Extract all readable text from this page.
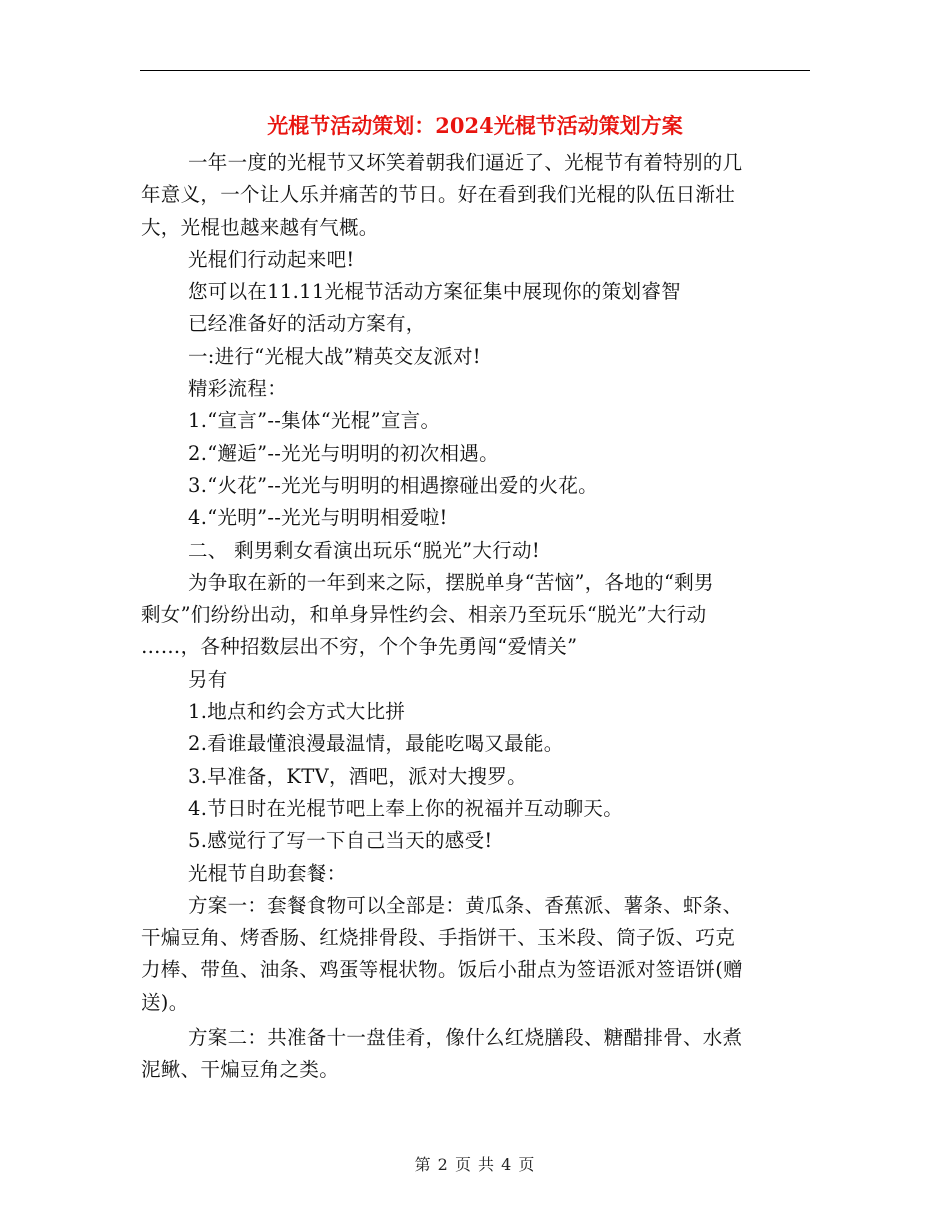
光棍节活动策划：2024光棍节活动策划方案
一年一度的光棍节又坏笑着朝我们逼近了、光棍节有着特别的几
年意义，一个让人乐并痛苦的节日。好在看到我们光棍的队伍日渐壮
大，光棍也越来越有气概。
光棍们行动起来吧!
您可以在11.11光棍节活动方案征集中展现你的策划睿智
已经准备好的活动方案有，
一:进行“光棍大战”精英交友派对!
精彩流程：
1.“宣言”--集体“光棍”宣言。
2.“邂逅”--光光与明明的初次相遇。
3.“火花”--光光与明明的相遇擦碰出爱的火花。
4.“光明”--光光与明明相爱啦!
二、 剩男剩女看演出玩乐“脱光”大行动!
为争取在新的一年到来之际，摆脱单身“苦恼”，各地的“剩男
剩女”们纷纷出动，和单身异性约会、相亲乃至玩乐“脱光”大行动
……，各种招数层出不穷，个个争先勇闯“爱情关”
另有
1.地点和约会方式大比拼
2.看谁最懂浪漫最温情，最能吃喝又最能。
3.早准备，KTV，酒吧，派对大搜罗。
4.节日时在光棍节吧上奉上你的祝福并互动聊天。
5.感觉行了写一下自己当天的感受!
光棍节自助套餐：
方案一：套餐食物可以全部是：黄瓜条、香蕉派、薯条、虾条、
干煸豆角、烤香肠、红烧排骨段、手指饼干、玉米段、筒子饭、巧克
力棒、带鱼、油条、鸡蛋等棍状物。饭后小甜点为签语派对签语饼(赠
送)。
方案二：共准备十一盘佳肴，像什么红烧膳段、糖醋排骨、水煮
泥鳅、干煸豆角之类。
第 2 页 共 4 页
